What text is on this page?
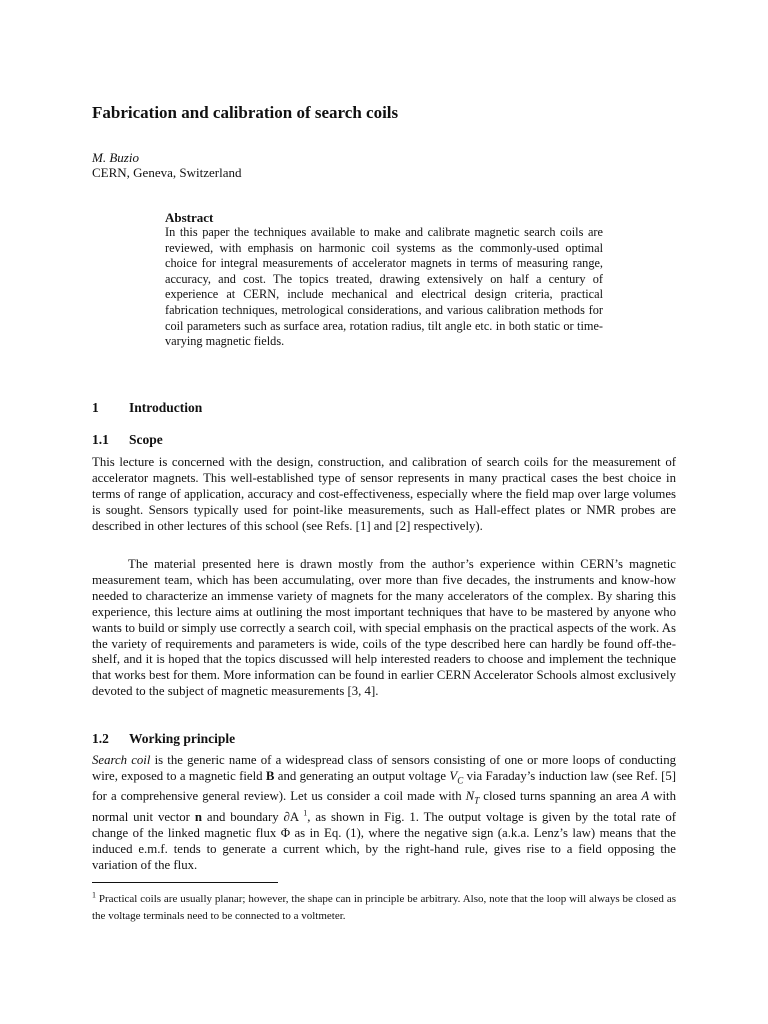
Fabrication and calibration of search coils
M. Buzio
CERN, Geneva, Switzerland
Abstract

In this paper the techniques available to make and calibrate magnetic search coils are reviewed, with emphasis on harmonic coil systems as the commonly-used optimal choice for integral measurements of accelerator magnets in terms of measuring range, accuracy, and cost. The topics treated, drawing extensively on half a century of experience at CERN, include mechanical and electrical design criteria, practical fabrication techniques, metrological considerations, and various calibration methods for coil parameters such as surface area, rotation radius, tilt angle etc. in both static or time-varying magnetic fields.

1 Introduction
1.1 Scope

This lecture is concerned with the design, construction, and calibration of search coils for the measurement of accelerator magnets. This well-established type of sensor represents in many practical cases the best choice in terms of range of application, accuracy and cost-effectiveness, especially where the field map over large volumes is sought. Sensors typically used for point-like measurements, such as Hall-effect plates or NMR probes are described in other lectures of this school (see Refs. [1] and [2] respectively).

The material presented here is drawn mostly from the author’s experience within CERN’s magnetic measurement team, which has been accumulating, over more than five decades, the instruments and know-how needed to characterize an immense variety of magnets for the many accelerators of the complex. By sharing this experience, this lecture aims at outlining the most important techniques that have to be mastered by anyone who wants to build or simply use correctly a search coil, with special emphasis on the practical aspects of the work. As the variety of requirements and parameters is wide, coils of the type described here can hardly be found off-the-shelf, and it is hoped that the topics discussed will help interested readers to choose and implement the technique that works best for them. More information can be found in earlier CERN Accelerator Schools almost exclusively devoted to the subject of magnetic measurements [3, 4].

1.2 Working principle

Search coil is the generic name of a widespread class of sensors consisting of one or more loops of conducting wire, exposed to a magnetic field B and generating an output voltage $V_C$ via Faraday’s induction law (see Ref. [5] for a comprehensive general review). Let us consider a coil made with $N_T$ closed turns spanning an area A with normal unit vector n and boundary ∂A $^1$, as shown in Fig. 1. The output voltage is given by the total rate of change of the linked magnetic flux Φ as in Eq. (1), where the negative sign (a.k.a. Lenz’s law) means that the induced e.m.f. tends to generate a current which, by the right-hand rule, gives rise to a field opposing the variation of the flux.

$^1$ Practical coils are usually planar; however, the shape can in principle be arbitrary. Also, note that the loop will always be closed as the voltage terminals need to be connected to a voltmeter.
